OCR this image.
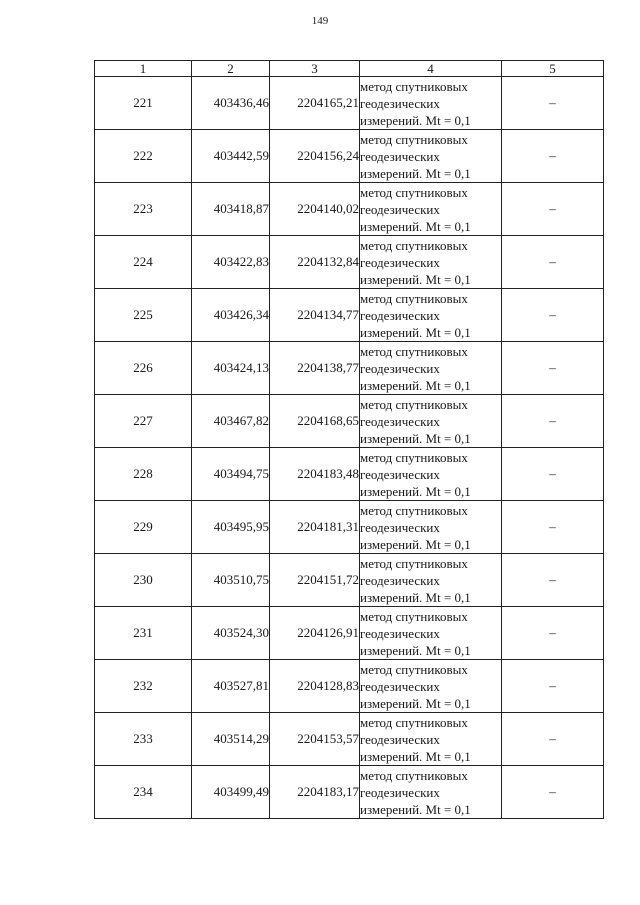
149
1	2	3	4	5
221	403436,46	2204165,21	метод спутниковых
геодезических
измерений. Mt = 0,1	–
222	403442,59	2204156,24	метод спутниковых
геодезических
измерений. Mt = 0,1	–
223	403418,87	2204140,02	метод спутниковых
геодезических
измерений. Mt = 0,1	–
224	403422,83	2204132,84	метод спутниковых
геодезических
измерений. Mt = 0,1	–
225	403426,34	2204134,77	метод спутниковых
геодезических
измерений. Mt = 0,1	–
226	403424,13	2204138,77	метод спутниковых
геодезических
измерений. Mt = 0,1	–
227	403467,82	2204168,65	метод спутниковых
геодезических
измерений. Mt = 0,1	–
228	403494,75	2204183,48	метод спутниковых
геодезических
измерений. Mt = 0,1	–
229	403495,95	2204181,31	метод спутниковых
геодезических
измерений. Mt = 0,1	–
230	403510,75	2204151,72	метод спутниковых
геодезических
измерений. Mt = 0,1	–
231	403524,30	2204126,91	метод спутниковых
геодезических
измерений. Mt = 0,1	–
232	403527,81	2204128,83	метод спутниковых
геодезических
измерений. Mt = 0,1	–
233	403514,29	2204153,57	метод спутниковых
геодезических
измерений. Mt = 0,1	–
234	403499,49	2204183,17	метод спутниковых
геодезических
измерений. Mt = 0,1	–
